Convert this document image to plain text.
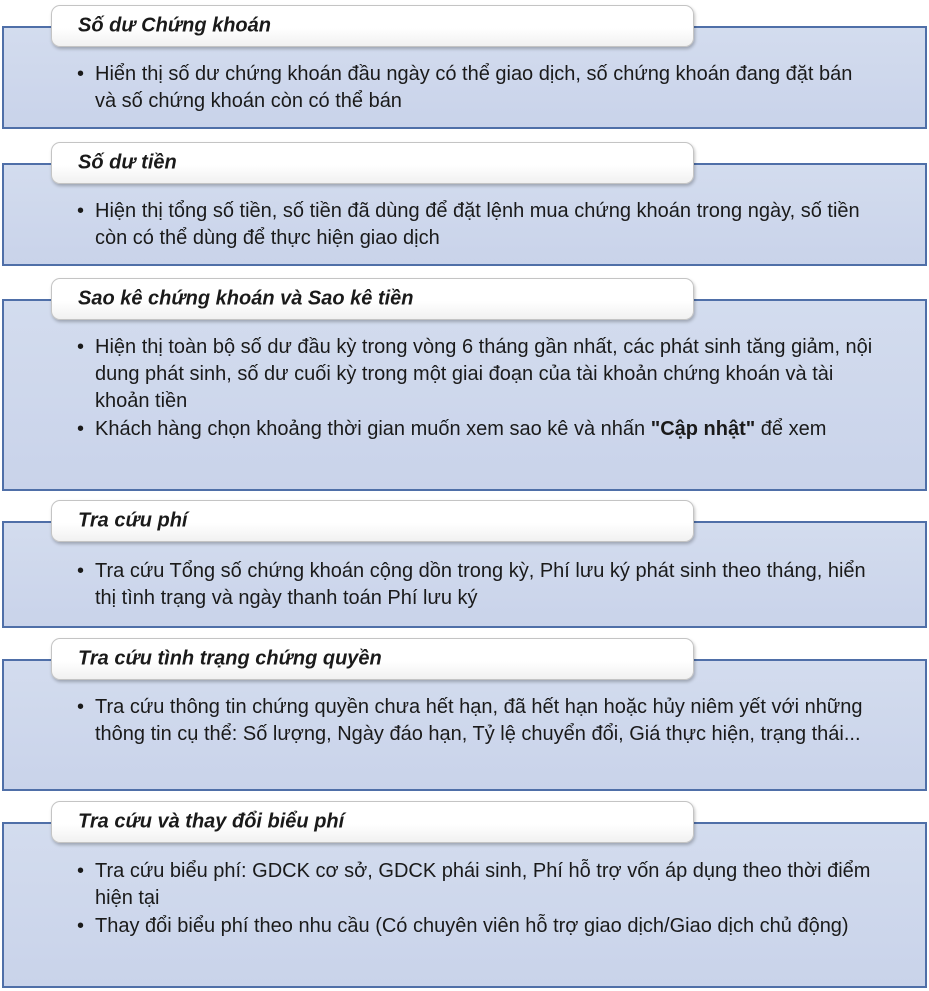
Số dư Chứng khoán
• Hiển thị số dư chứng khoán đầu ngày có thể giao dịch, số chứng khoán đang đặt bán và số chứng khoán còn có thể bán
Số dư tiền
• Hiện thị tổng số tiền, số tiền đã dùng để đặt lệnh mua chứng khoán trong ngày, số tiền còn có thể dùng để thực hiện giao dịch
Sao kê chứng khoán và Sao kê tiền
• Hiện thị toàn bộ số dư đầu kỳ trong vòng 6 tháng gần nhất, các phát sinh tăng giảm, nội dung phát sinh, số dư cuối kỳ trong một giai đoạn của tài khoản chứng khoán và tài khoản tiền
• Khách hàng chọn khoảng thời gian muốn xem sao kê và nhấn "Cập nhật" để xem
Tra cứu phí
• Tra cứu Tổng số chứng khoán cộng dồn trong kỳ, Phí lưu ký phát sinh theo tháng, hiển thị tình trạng và ngày thanh toán Phí lưu ký
Tra cứu tình trạng chứng quyền
• Tra cứu thông tin chứng quyền chưa hết hạn, đã hết hạn hoặc hủy niêm yết với những thông tin cụ thể: Số lượng, Ngày đáo hạn, Tỷ lệ chuyển đổi, Giá thực hiện, trạng thái...
Tra cứu và thay đổi biểu phí
• Tra cứu biểu phí: GDCK cơ sở, GDCK phái sinh, Phí hỗ trợ vốn áp dụng theo thời điểm hiện tại
• Thay đổi biểu phí theo nhu cầu (Có chuyên viên hỗ trợ giao dịch/Giao dịch chủ động)
